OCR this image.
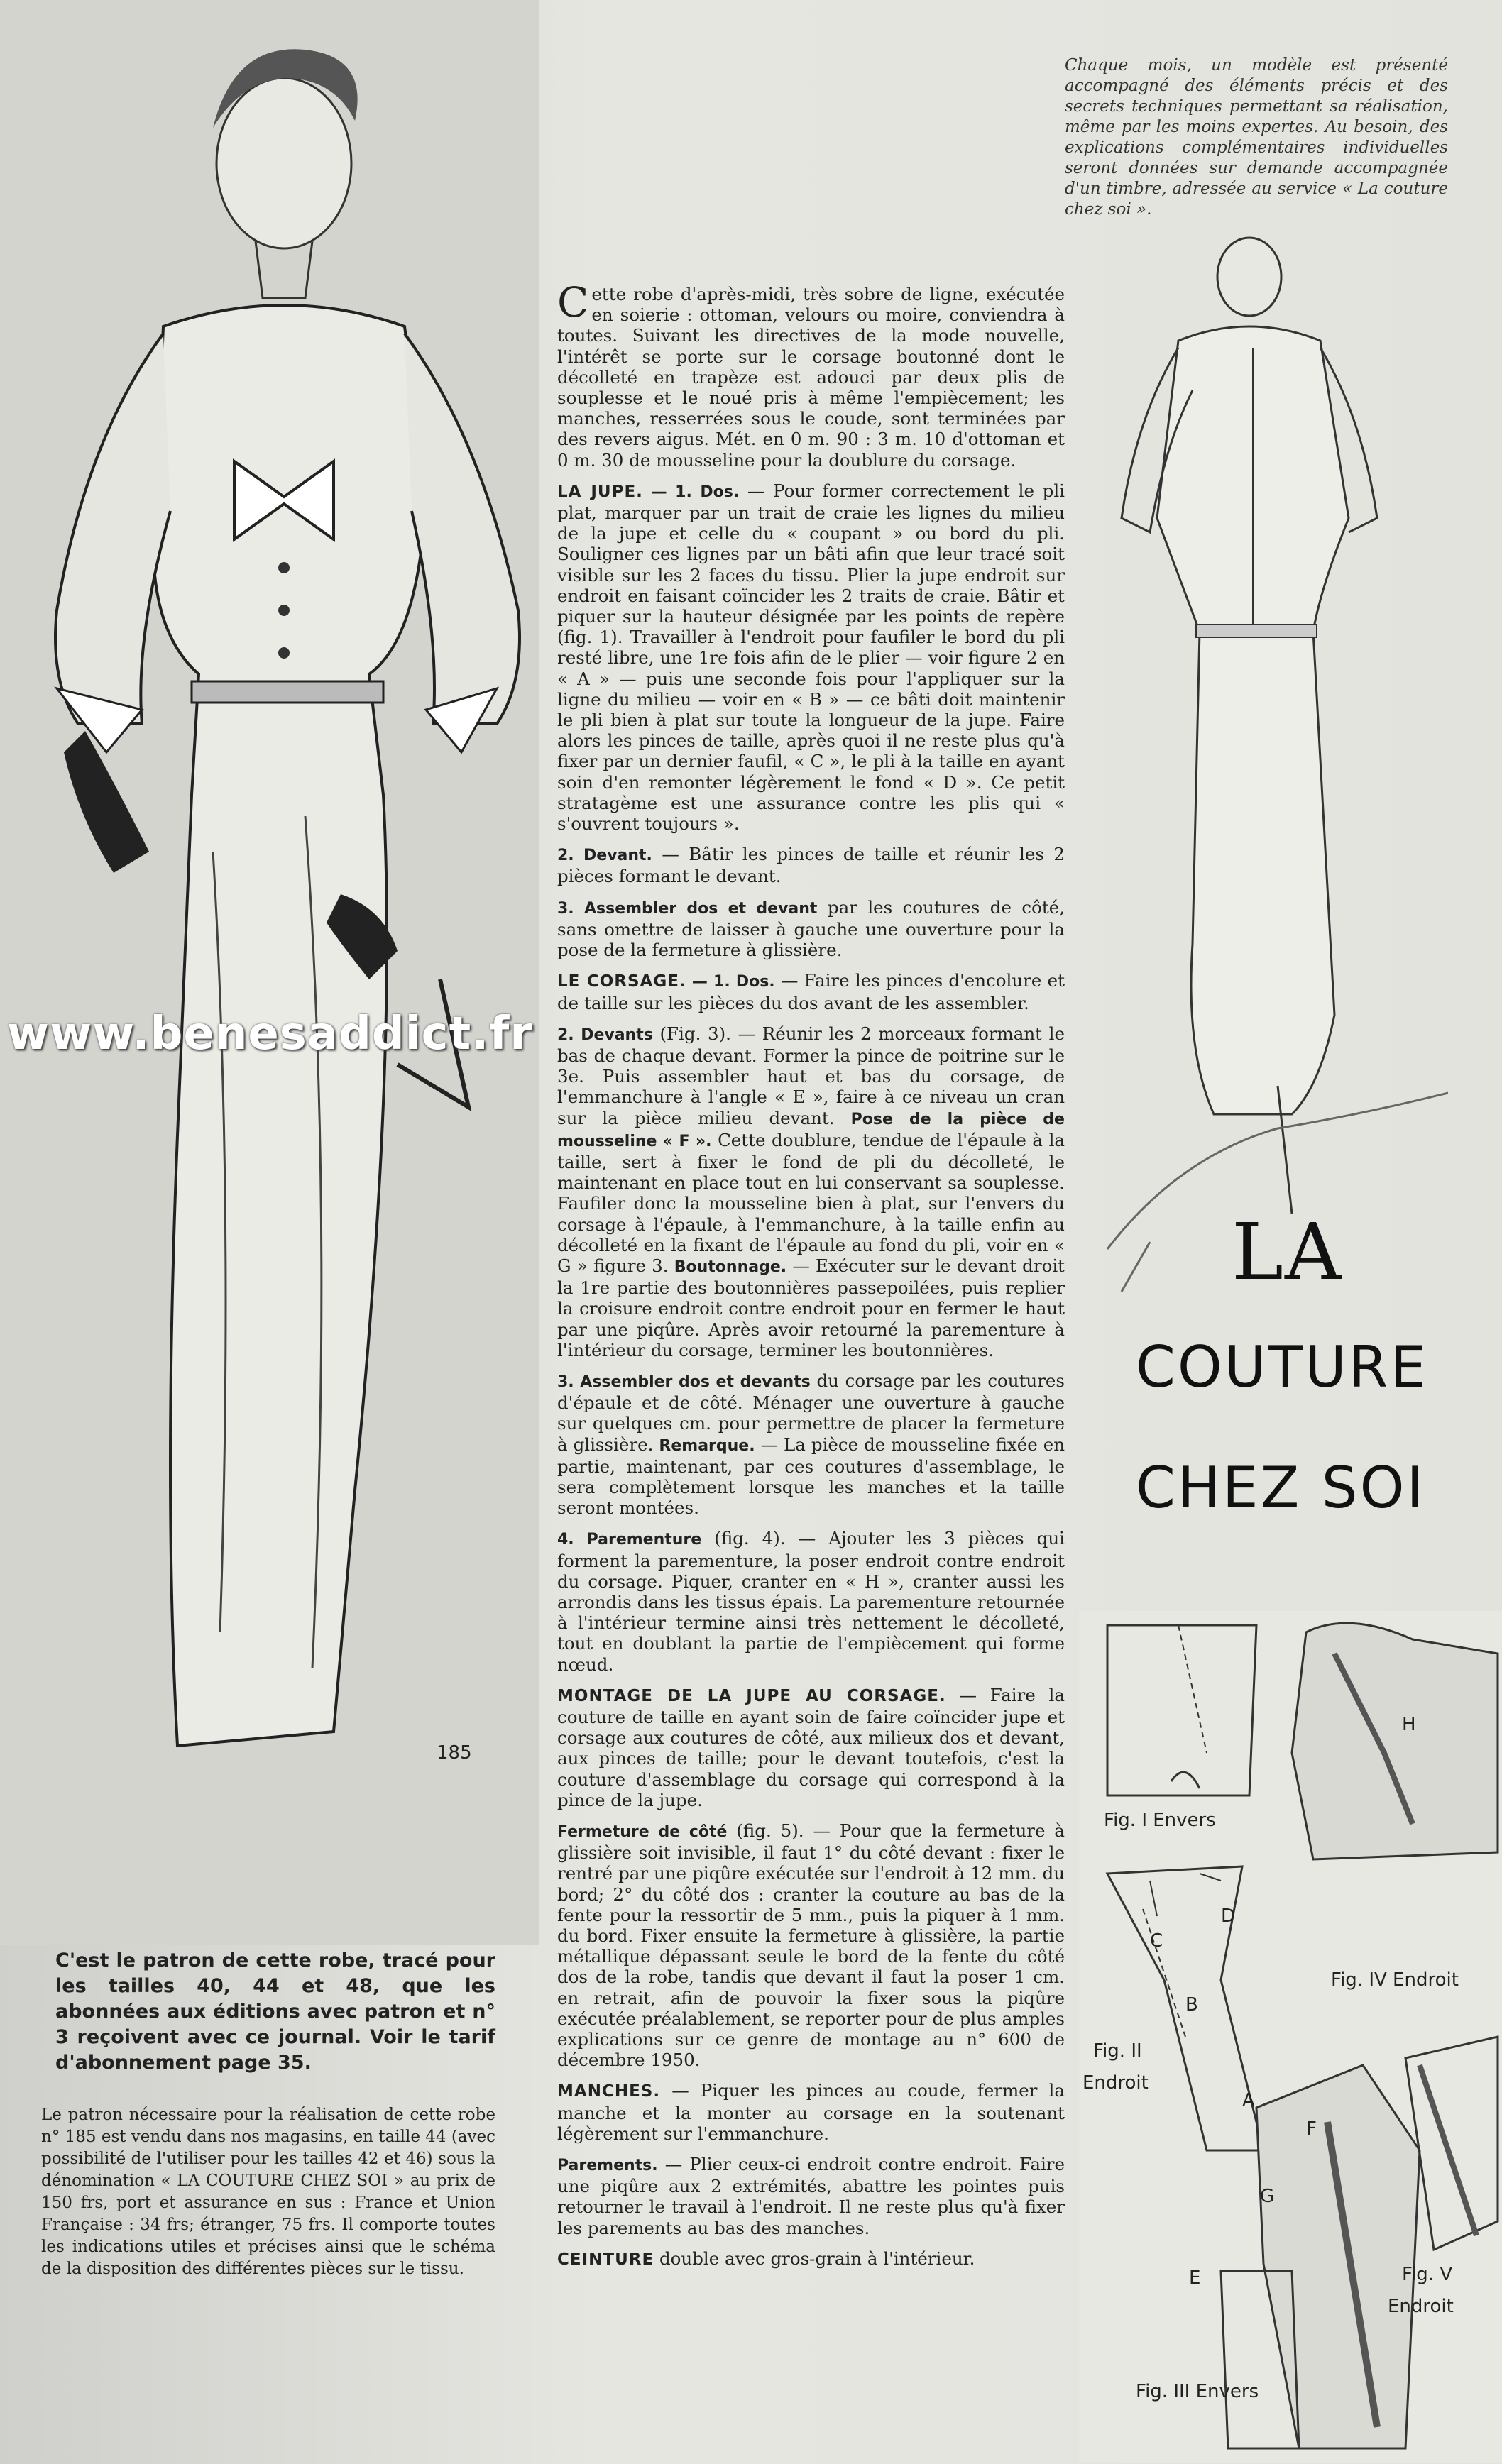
www.benesaddict.fr
185
C'est le patron de cette robe, tracé pour les tailles 40, 44 et 48, que les abonnées aux éditions avec patron et n° 3 reçoivent avec ce journal. Voir le tarif d'abonnement page 35.
Le patron nécessaire pour la réalisation de cette robe n° 185 est vendu dans nos magasins, en taille 44 (avec possibilité de l'utiliser pour les tailles 42 et 46) sous la dénomination « LA COUTURE CHEZ SOI » au prix de 150 frs, port et assurance en sus : France et Union Française : 34 frs; étranger, 75 frs. Il comporte toutes les indications utiles et précises ainsi que le schéma de la disposition des différentes pièces sur le tissu.
Chaque mois, un modèle est présenté accompagné des éléments précis et des secrets techniques permettant sa réalisation, même par les moins expertes. Au besoin, des explications complémentaires individuelles seront données sur demande accompagnée d'un timbre, adressée au service « La couture chez soi ».
LA
COUTURE
CHEZ SOI
Fig. I Envers
Fig. II
Endroit
Fig. III Envers
Fig. IV Endroit
Fig. V
Endroit
D
C
B
A
E
F
G
H

Cette robe d'après-midi, très sobre de ligne, exécutée en soierie : ottoman, velours ou moire, conviendra à toutes. Suivant les directives de la mode nouvelle, l'intérêt se porte sur le corsage boutonné dont le décolleté en trapèze est adouci par deux plis de souplesse et le noué pris à même l'empiècement; les manches, resserrées sous le coude, sont terminées par des revers aigus. Mét. en 0 m. 90 : 3 m. 10 d'ottoman et 0 m. 30 de mousseline pour la doublure du corsage.

LA JUPE. — 1. Dos. — Pour former correctement le pli plat, marquer par un trait de craie les lignes du milieu de la jupe et celle du « coupant » ou bord du pli. Souligner ces lignes par un bâti afin que leur tracé soit visible sur les 2 faces du tissu. Plier la jupe endroit sur endroit en faisant coïncider les 2 traits de craie. Bâtir et piquer sur la hauteur désignée par les points de repère (fig. 1). Travailler à l'endroit pour faufiler le bord du pli resté libre, une 1re fois afin de le plier — voir figure 2 en « A » — puis une seconde fois pour l'appliquer sur la ligne du milieu — voir en « B » — ce bâti doit maintenir le pli bien à plat sur toute la longueur de la jupe. Faire alors les pinces de taille, après quoi il ne reste plus qu'à fixer par un dernier faufil, « C », le pli à la taille en ayant soin d'en remonter légèrement le fond « D ». Ce petit stratagème est une assurance contre les plis qui « s'ouvrent toujours ».

2. Devant. — Bâtir les pinces de taille et réunir les 2 pièces formant le devant.

3. Assembler dos et devant par les coutures de côté, sans omettre de laisser à gauche une ouverture pour la pose de la fermeture à glissière.

LE CORSAGE. — 1. Dos. — Faire les pinces d'encolure et de taille sur les pièces du dos avant de les assembler.

2. Devants (Fig. 3). — Réunir les 2 morceaux formant le bas de chaque devant. Former la pince de poitrine sur le 3e. Puis assembler haut et bas du corsage, de l'emmanchure à l'angle « E », faire à ce niveau un cran sur la pièce milieu devant. Pose de la pièce de mousseline « F ». Cette doublure, tendue de l'épaule à la taille, sert à fixer le fond de pli du décolleté, le maintenant en place tout en lui conservant sa souplesse. Faufiler donc la mousseline bien à plat, sur l'envers du corsage à l'épaule, à l'emmanchure, à la taille enfin au décolleté en la fixant de l'épaule au fond du pli, voir en « G » figure 3. Boutonnage. — Exécuter sur le devant droit la 1re partie des boutonnières passepoilées, puis replier la croisure endroit contre endroit pour en fermer le haut par une piqûre. Après avoir retourné la parementure à l'intérieur du corsage, terminer les boutonnières.

3. Assembler dos et devants du corsage par les coutures d'épaule et de côté. Ménager une ouverture à gauche sur quelques cm. pour permettre de placer la fermeture à glissière. Remarque. — La pièce de mousseline fixée en partie, maintenant, par ces coutures d'assemblage, le sera complètement lorsque les manches et la taille seront montées.

4. Parementure (fig. 4). — Ajouter les 3 pièces qui forment la parementure, la poser endroit contre endroit du corsage. Piquer, cranter en « H », cranter aussi les arrondis dans les tissus épais. La parementure retournée à l'intérieur termine ainsi très nettement le décolleté, tout en doublant la partie de l'empiècement qui forme nœud.

MONTAGE DE LA JUPE AU CORSAGE. — Faire la couture de taille en ayant soin de faire coïncider jupe et corsage aux coutures de côté, aux milieux dos et devant, aux pinces de taille; pour le devant toutefois, c'est la couture d'assemblage du corsage qui correspond à la pince de la jupe.

Fermeture de côté (fig. 5). — Pour que la fermeture à glissière soit invisible, il faut 1° du côté devant : fixer le rentré par une piqûre exécutée sur l'endroit à 12 mm. du bord; 2° du côté dos : cranter la couture au bas de la fente pour la ressortir de 5 mm., puis la piquer à 1 mm. du bord. Fixer ensuite la fermeture à glissière, la partie métallique dépassant seule le bord de la fente du côté dos de la robe, tandis que devant il faut la poser 1 cm. en retrait, afin de pouvoir la fixer sous la piqûre exécutée préalablement, se reporter pour de plus amples explications sur ce genre de montage au n° 600 de décembre 1950.

MANCHES. — Piquer les pinces au coude, fermer la manche et la monter au corsage en la soutenant légèrement sur l'emmanchure.

Parements. — Plier ceux-ci endroit contre endroit. Faire une piqûre aux 2 extrémités, abattre les pointes puis retourner le travail à l'endroit. Il ne reste plus qu'à fixer les parements au bas des manches.

CEINTURE double avec gros-grain à l'intérieur.
